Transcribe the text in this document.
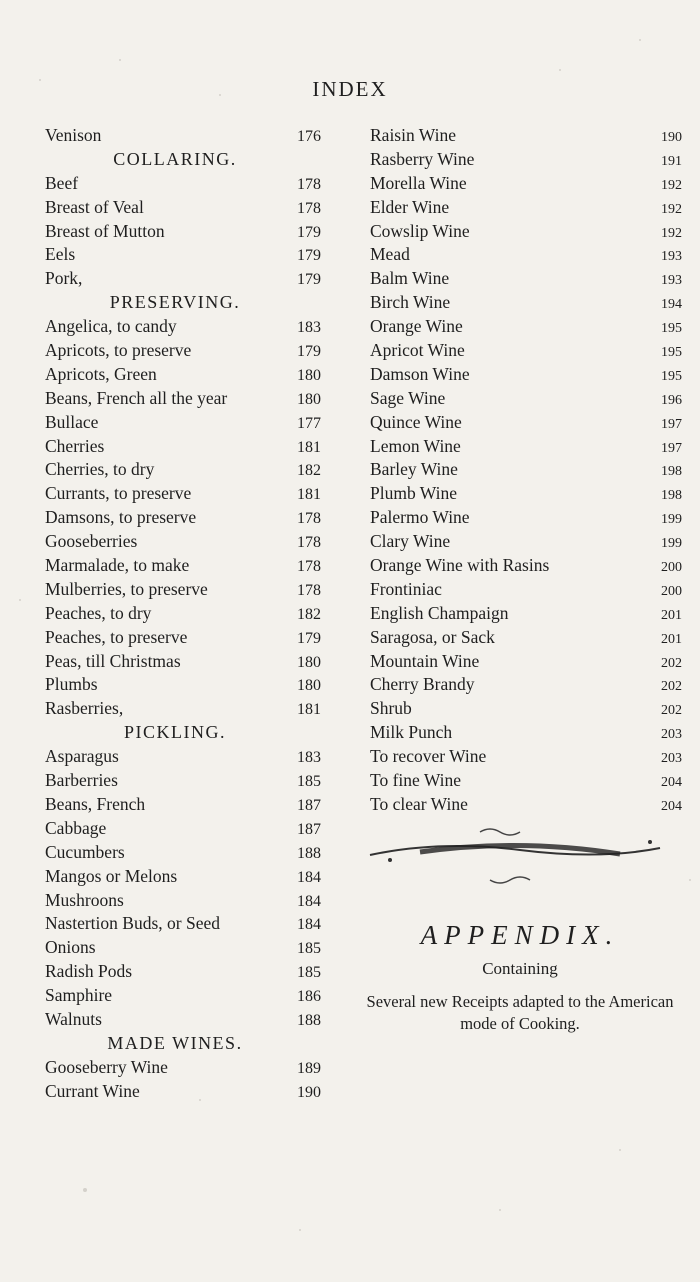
INDEX
Venison	176
COLLARING.
Beef	178
Breast of Veal	178
Breast of Mutton	179
Eels	179
Pork,	179
PRESERVING.
Angelica, to candy	183
Apricots, to preserve	179
Apricots, Green	180
Beans, French all the year	180
Bullace	177
Cherries	181
Cherries, to dry	182
Currants, to preserve	181
Damsons, to preserve	178
Gooseberries	178
Marmalade, to make	178
Mulberries, to preserve	178
Peaches, to dry	182
Peaches, to preserve	179
Peas, till Christmas	180
Plumbs	180
Rasberries,	181
PICKLING.
Asparagus	183
Barberries	185
Beans, French	187
Cabbage	187
Cucumbers	188
Mangos or Melons	184
Mushroons	184
Nastertion Buds, or Seed	184
Onions	185
Radish Pods	185
Samphire	186
Walnuts	188
MADE WINES.
Gooseberry Wine	189
Currant Wine	190
Raisin Wine	190
Rasberry Wine	191
Morella Wine	192
Elder Wine	192
Cowslip Wine	192
Mead	193
Balm Wine	193
Birch Wine	194
Orange Wine	195
Apricot Wine	195
Damson Wine	195
Sage Wine	196
Quince Wine	197
Lemon Wine	197
Barley Wine	198
Plumb Wine	198
Palermo Wine	199
Clary Wine	199
Orange Wine with Rasins	200
Frontiniac	200
English Champaign	201
Saragosa, or Sack	201
Mountain Wine	202
Cherry Brandy	202
Shrub	202
Milk Punch	203
To recover Wine	203
To fine Wine	204
To clear Wine	204
APPENDIX.
Containing
Several new Receipts adapted to the American mode of Cooking.
